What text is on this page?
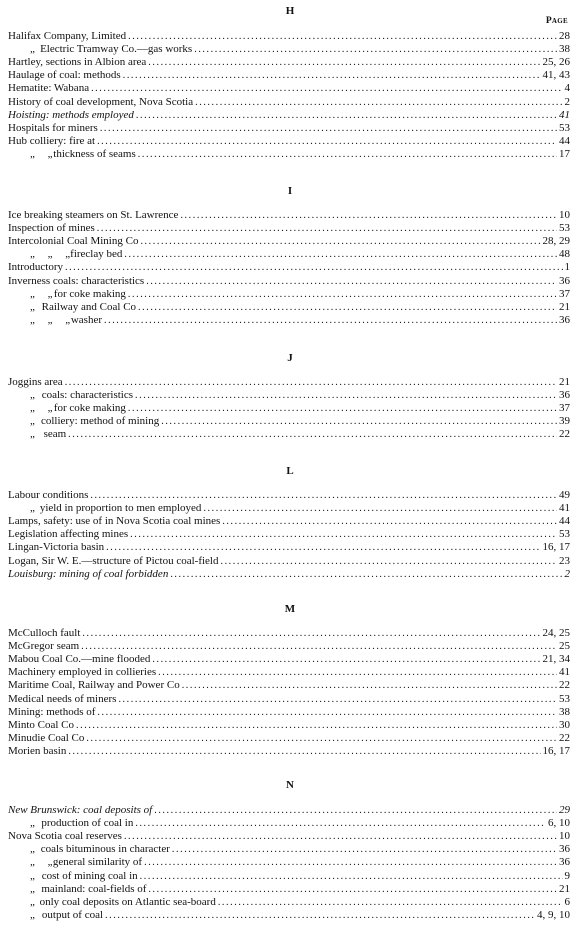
Page
H
Halifax Company, Limited .....	28
„ Electric Tramway Co.—gas works .....	38
Hartley, sections in Albion area .....	25, 26
Haulage of coal: methods .....	41, 43
Hematite: Wabana .....	4
History of coal development, Nova Scotia .....	2
Hoisting: methods employed .....	41
Hospitals for miners .....	53
Hub colliery: fire at .....	44
„ „ thickness of seams .....	17
I
Ice breaking steamers on St. Lawrence .....	10
Inspection of mines .....	53
Intercolonial Coal Mining Co .....	28, 29
„ „ „ fireclay bed .....	48
Introductory .....	1
Inverness coals: characteristics .....	36
„ „ for coke making .....	37
„ Railway and Coal Co .....	21
„ „ „ washer .....	36
J
Joggins area .....	21
„ coals: characteristics .....	36
„ „ for coke making .....	37
„ colliery: method of mining .....	39
„ seam .....	22
L
Labour conditions .....	49
„ yield in proportion to men employed .....	41
Lamps, safety: use of in Nova Scotia coal mines .....	44
Legislation affecting mines .....	53
Lingan-Victoria basin .....	16, 17
Logan, Sir W. E.—structure of Pictou coal-field .....	23
Louisburg: mining of coal forbidden .....	2
M
McCulloch fault .....	24, 25
McGregor seam .....	25
Mabou Coal Co.—mine flooded .....	21, 34
Machinery employed in collieries .....	41
Maritime Coal, Railway and Power Co .....	22
Medical needs of miners .....	53
Mining: methods of .....	38
Minto Coal Co .....	30
Minudie Coal Co .....	22
Morien basin .....	16, 17
N
New Brunswick: coal deposits of .....	29
„ production of coal in .....	6, 10
Nova Scotia coal reserves .....	10
„ coals bituminous in character .....	36
„ „ general similarity of .....	36
„ cost of mining coal in .....	9
„ mainland: coal-fields of .....	21
„ only coal deposits on Atlantic sea-board .....	6
„ output of coal .....	4, 9, 10
